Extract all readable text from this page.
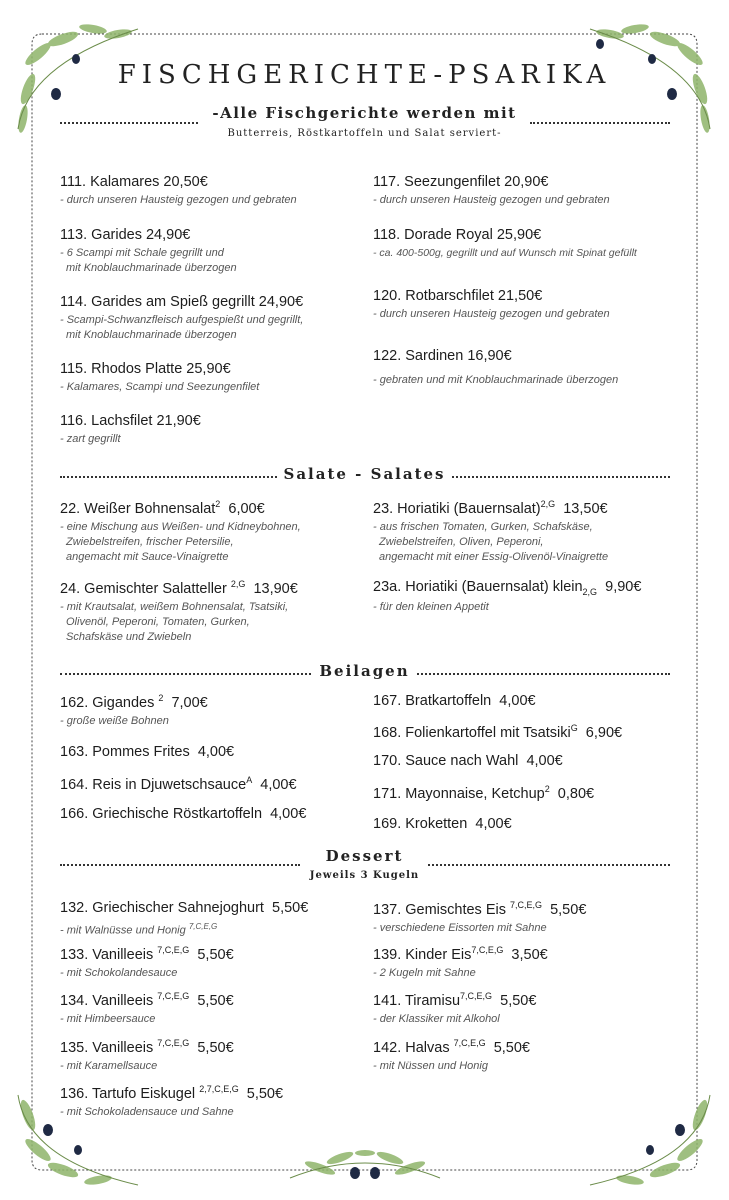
FISCHGERICHTE-PSARIKA
-Alle Fischgerichte werden mit
Butterreis, Röstkartoffeln und Salat serviert-
111. Kalamares 20,50€
- durch unseren Hausteig gezogen und gebraten
113. Garides 24,90€
- 6 Scampi mit Schale gegrillt und
mit Knoblauchmarinade überzogen
114. Garides am Spieß gegrillt 24,90€
- Scampi-Schwanzfleisch aufgespießt und gegrillt,
mit Knoblauchmarinade überzogen
115. Rhodos Platte 25,90€
- Kalamares, Scampi und Seezungenfilet
116. Lachsfilet 21,90€
- zart gegrillt
117. Seezungenfilet 20,90€
- durch unseren Hausteig gezogen und gebraten
118. Dorade Royal 25,90€
- ca. 400-500g, gegrillt und auf Wunsch mit Spinat gefüllt
120. Rotbarschfilet 21,50€
- durch unseren Hausteig gezogen und gebraten
122. Sardinen 16,90€
- gebraten und mit Knoblauchmarinade überzogen
Salate - Salates
22. Weißer Bohnensalat$^2$ 6,00€
- eine Mischung aus Weißen- und Kidneybohnen,
Zwiebelstreifen, frischer Petersilie,
angemacht mit Sauce-Vinaigrette
24. Gemischter Salatteller $^{2,G}$ 13,90€
- mit Krautsalat, weißem Bohnensalat, Tsatsiki,
Olivenöl, Peperoni, Tomaten, Gurken,
Schafskäse und Zwiebeln
23. Horiatiki (Bauernsalat)$^{2,G}$ 13,50€
- aus frischen Tomaten, Gurken, Schafskäse,
Zwiebelstreifen, Oliven, Peperoni,
angemacht mit einer Essig-Olivenöl-Vinaigrette
23a. Horiatiki (Bauernsalat) klein$_{2,G}$ 9,90€
- für den kleinen Appetit
Beilagen
162. Gigandes $^2$ 7,00€
- große weiße Bohnen
163. Pommes Frites 4,00€
164. Reis in Djuwetschsauce$^A$ 4,00€
166. Griechische Röstkartoffeln 4,00€
167. Bratkartoffeln 4,00€
168. Folienkartoffel mit Tsatsiki$^G$ 6,90€
170. Sauce nach Wahl 4,00€
171. Mayonnaise, Ketchup$^2$ 0,80€
169. Kroketten 4,00€
Dessert
Jeweils 3 Kugeln
132. Griechischer Sahnejoghurt 5,50€
- mit Walnüsse und Honig $^{7,C,E,G}$
133. Vanilleeis $^{7,C,E,G}$ 5,50€
- mit Schokolandesauce
134. Vanilleeis $^{7,C,E,G}$ 5,50€
- mit Himbeersauce
135. Vanilleeis $^{7,C,E,G}$ 5,50€
- mit Karamellsauce
136. Tartufo Eiskugel $^{2,7,C,E,G}$ 5,50€
- mit Schokoladensauce und Sahne
137. Gemischtes Eis $^{7,C,E,G}$ 5,50€
- verschiedene Eissorten mit Sahne
139. Kinder Eis$^{7,C,E,G}$ 3,50€
- 2 Kugeln mit Sahne
141. Tiramisu$^{7,C,E,G}$ 5,50€
- der Klassiker mit Alkohol
142. Halvas $^{7,C,E,G}$ 5,50€
- mit Nüssen und Honig
